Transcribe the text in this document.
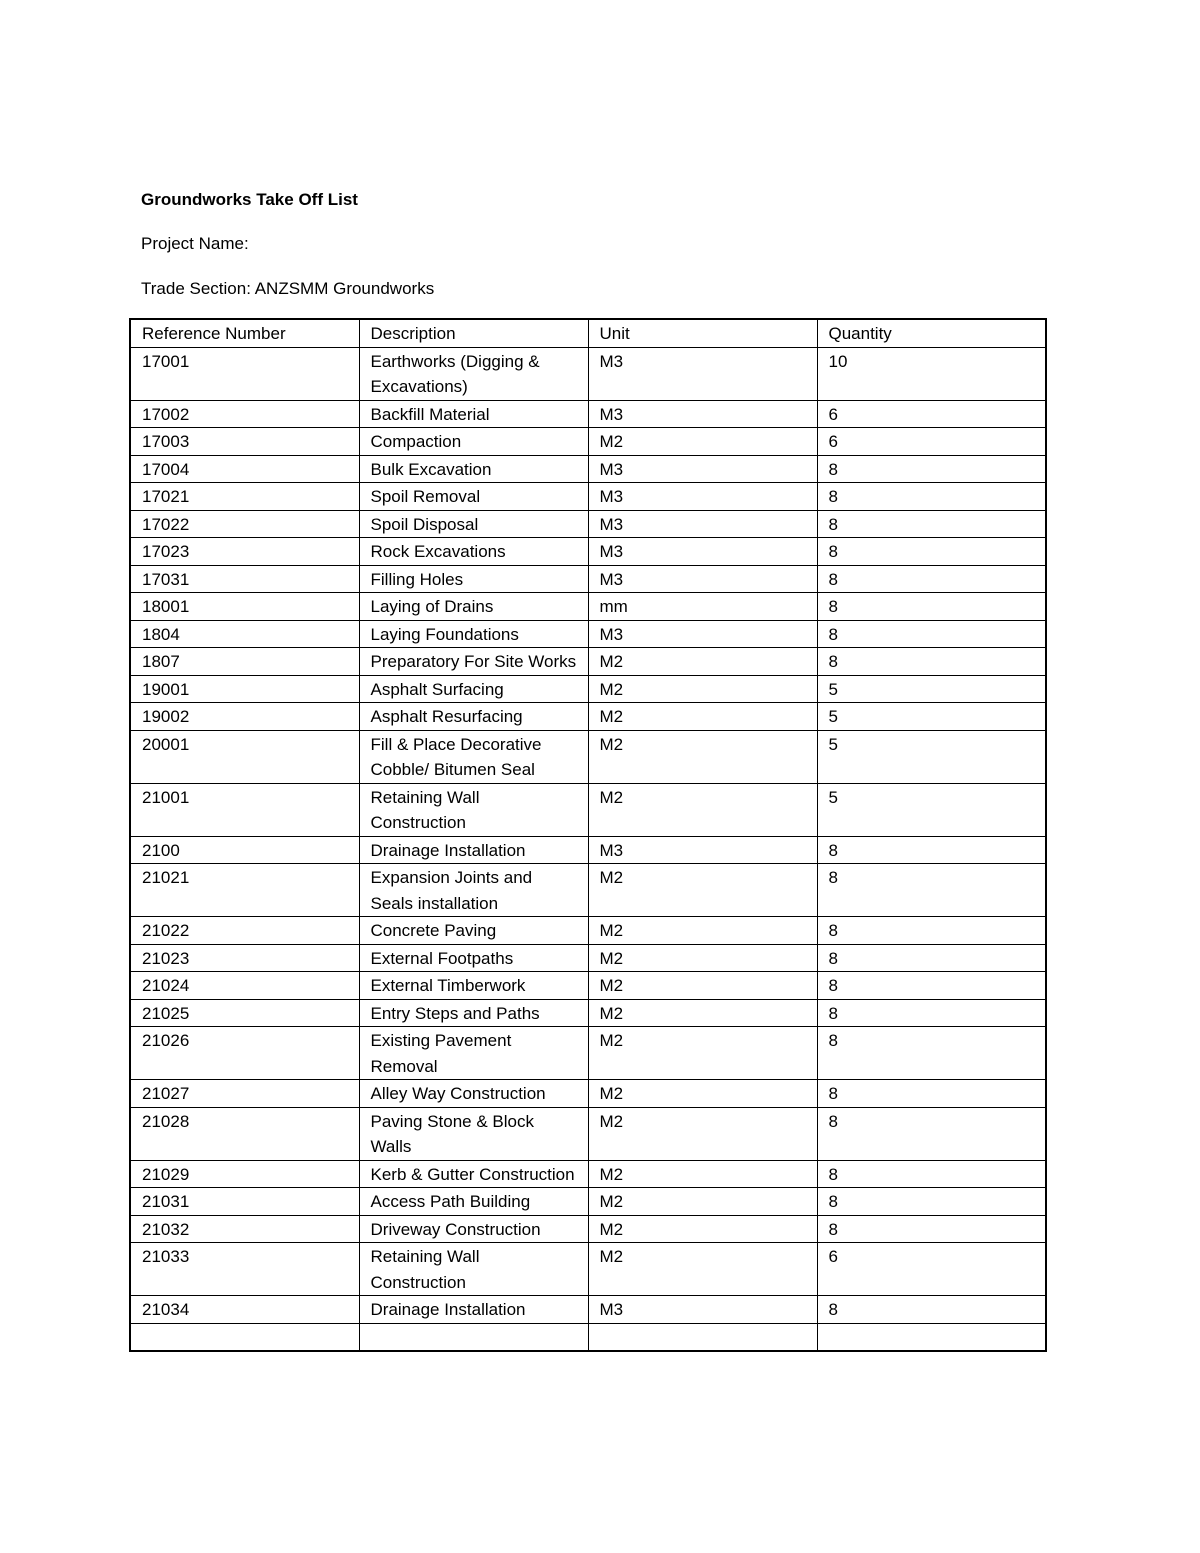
Groundworks Take Off List
Project Name:
Trade Section: ANZSMM Groundworks
Reference Number	Description	Unit	Quantity
17001	Earthworks (Digging & Excavations)	M3	10
17002	Backfill Material	M3	6
17003	Compaction	M2	6
17004	Bulk Excavation	M3	8
17021	Spoil Removal	M3	8
17022	Spoil Disposal	M3	8
17023	Rock Excavations	M3	8
17031	Filling Holes	M3	8
18001	Laying of Drains	mm	8
1804	Laying Foundations	M3	8
1807	Preparatory For Site Works	M2	8
19001	Asphalt Surfacing	M2	5
19002	Asphalt Resurfacing	M2	5
20001	Fill & Place Decorative Cobble/ Bitumen Seal	M2	5
21001	Retaining Wall Construction	M2	5
2100	Drainage Installation	M3	8
21021	Expansion Joints and Seals installation	M2	8
21022	Concrete Paving	M2	8
21023	External Footpaths	M2	8
21024	External Timberwork	M2	8
21025	Entry Steps and Paths	M2	8
21026	Existing Pavement Removal	M2	8
21027	Alley Way Construction	M2	8
21028	Paving Stone & Block Walls	M2	8
21029	Kerb & Gutter Construction	M2	8
21031	Access Path Building	M2	8
21032	Driveway Construction	M2	8
21033	Retaining Wall Construction	M2	6
21034	Drainage Installation	M3	8
